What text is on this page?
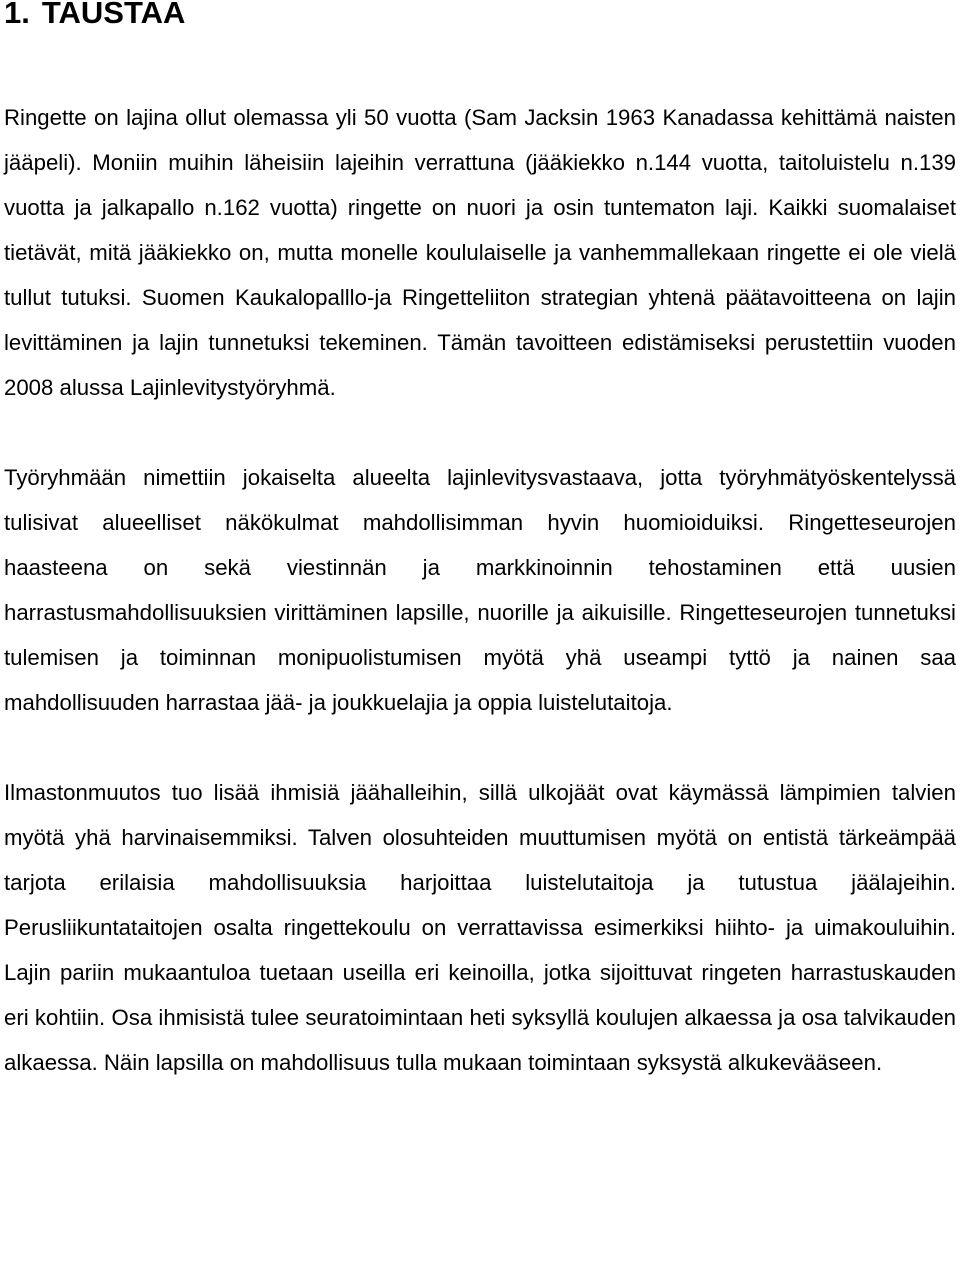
1. TAUSTAA

Ringette on lajina ollut olemassa yli 50 vuotta (Sam Jacksin 1963 Kanadassa kehittämä naisten jääpeli). Moniin muihin läheisiin lajeihin verrattuna (jääkiekko n.144 vuotta, taitoluistelu n.139 vuotta ja jalkapallo n.162 vuotta) ringette on nuori ja osin tuntematon laji. Kaikki suomalaiset tietävät, mitä jääkiekko on, mutta monelle koululaiselle ja vanhemmallekaan ringette ei ole vielä tullut tutuksi. Suomen Kaukalopalllo-ja Ringetteliiton strategian yhtenä päätavoitteena on lajin levittäminen ja lajin tunnetuksi tekeminen. Tämän tavoitteen edistämiseksi perustettiin vuoden 2008 alussa Lajinlevitystyöryhmä.

Työryhmään nimettiin jokaiselta alueelta lajinlevitysvastaava, jotta työryhmätyöskentelyssä tulisivat alueelliset näkökulmat mahdollisimman hyvin huomioiduiksi. Ringetteseurojen haasteena on sekä viestinnän ja markkinoinnin tehostaminen että uusien harrastusmahdollisuuksien virittäminen lapsille, nuorille ja aikuisille. Ringetteseurojen tunnetuksi tulemisen ja toiminnan monipuolistumisen myötä yhä useampi tyttö ja nainen saa mahdollisuuden harrastaa jää- ja joukkuelajia ja oppia luistelutaitoja.

Ilmastonmuutos tuo lisää ihmisiä jäähalleihin, sillä ulkojäät ovat käymässä lämpimien talvien myötä yhä harvinaisemmiksi. Talven olosuhteiden muuttumisen myötä on entistä tärkeämpää tarjota erilaisia mahdollisuuksia harjoittaa luistelutaitoja ja tutustua jäälajeihin. Perusliikuntataitojen osalta ringettekoulu on verrattavissa esimerkiksi hiihto- ja uimakouluihin. Lajin pariin mukaantuloa tuetaan useilla eri keinoilla, jotka sijoittuvat ringeten harrastuskauden eri kohtiin. Osa ihmisistä tulee seuratoimintaan heti syksyllä koulujen alkaessa ja osa talvikauden alkaessa. Näin lapsilla on mahdollisuus tulla mukaan toimintaan syksystä alkukevääseen.
